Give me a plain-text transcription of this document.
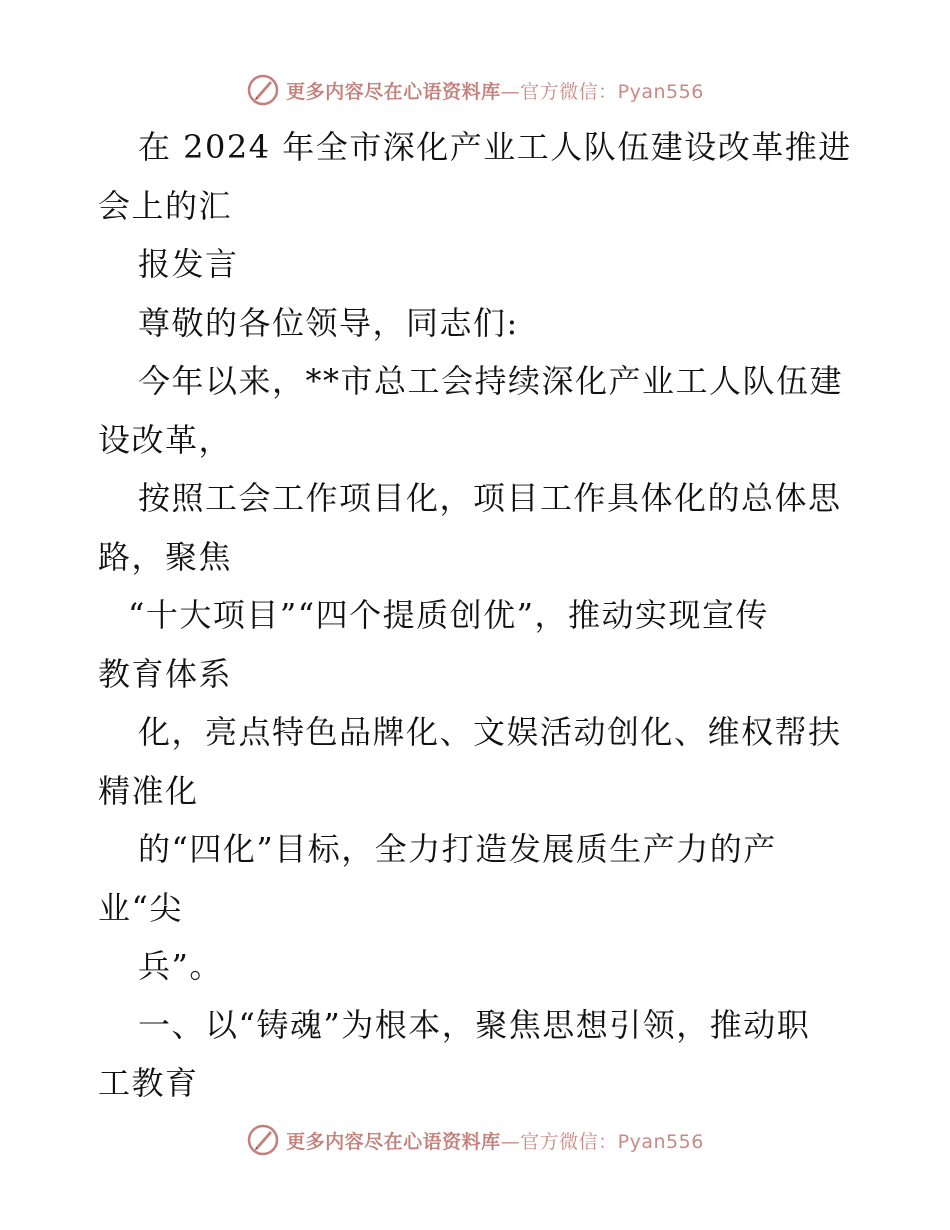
更多内容尽在心语资料库—官方微信：Pyan556
在 2024 年全市深化产业工人队伍建设改革推进
会上的汇
报发言
尊敬的各位领导，同志们:
今年以来，**市总工会持续深化产业工人队伍建
设改革，
按照工会工作项目化，项目工作具体化的总体思
路，聚焦
“十大项目”“四个提质创优”，推动实现宣传
教育体系
化，亮点特色品牌化、文娱活动创化、维权帮扶
精准化
的“四化”目标，全力打造发展质生产力的产
业“尖
兵”。
一、以“铸魂”为根本，聚焦思想引领，推动职
工教育
更多内容尽在心语资料库—官方微信：Pyan556
